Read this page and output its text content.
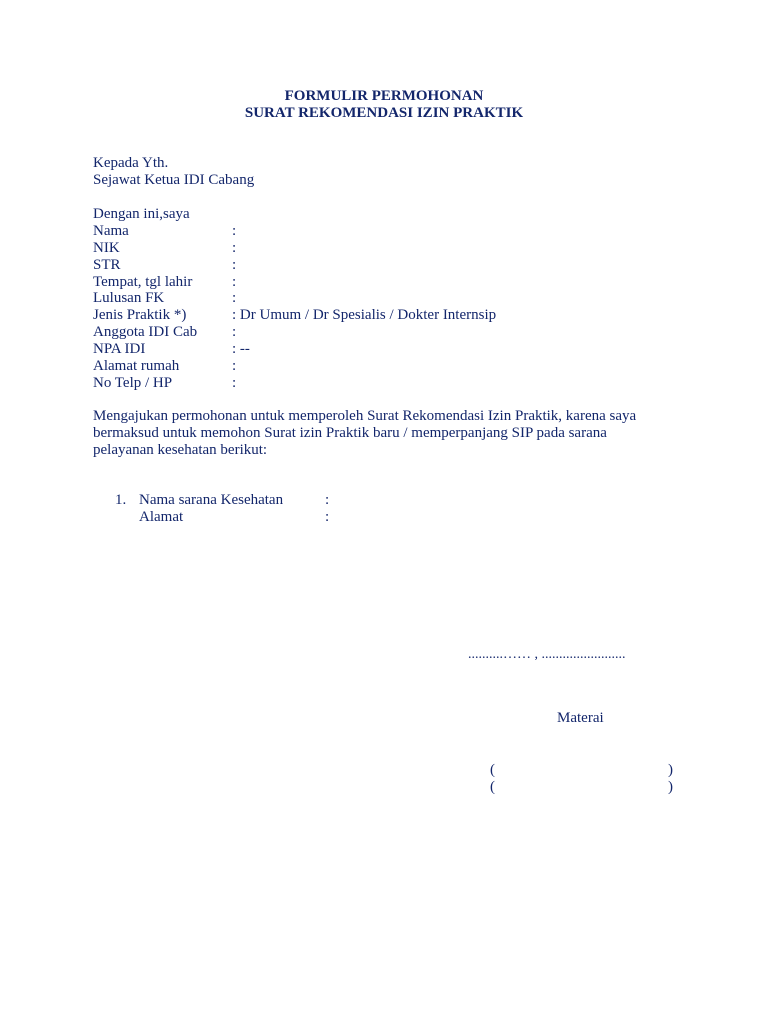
FORMULIR PERMOHONAN
SURAT REKOMENDASI IZIN PRAKTIK
Kepada Yth.
Sejawat Ketua IDI Cabang
Dengan ini,saya
Nama	:
NIK	:
STR	:
Tempat, tgl lahir	:
Lulusan FK	:
Jenis Praktik *)	: Dr Umum / Dr Spesialis / Dokter Internsip
Anggota IDI Cab :
NPA IDI	: --
Alamat rumah	:
No Telp / HP	:
Mengajukan permohonan untuk memperoleh Surat Rekomendasi Izin Praktik, karena saya
bermaksud untuk memohon Surat izin Praktik baru / memperpanjang SIP pada sarana
pelayanan kesehatan berikut:
1. Nama sarana Kesehatan	:
Alamat	:
..........…… , ........................
Materai
(	)
(	)
